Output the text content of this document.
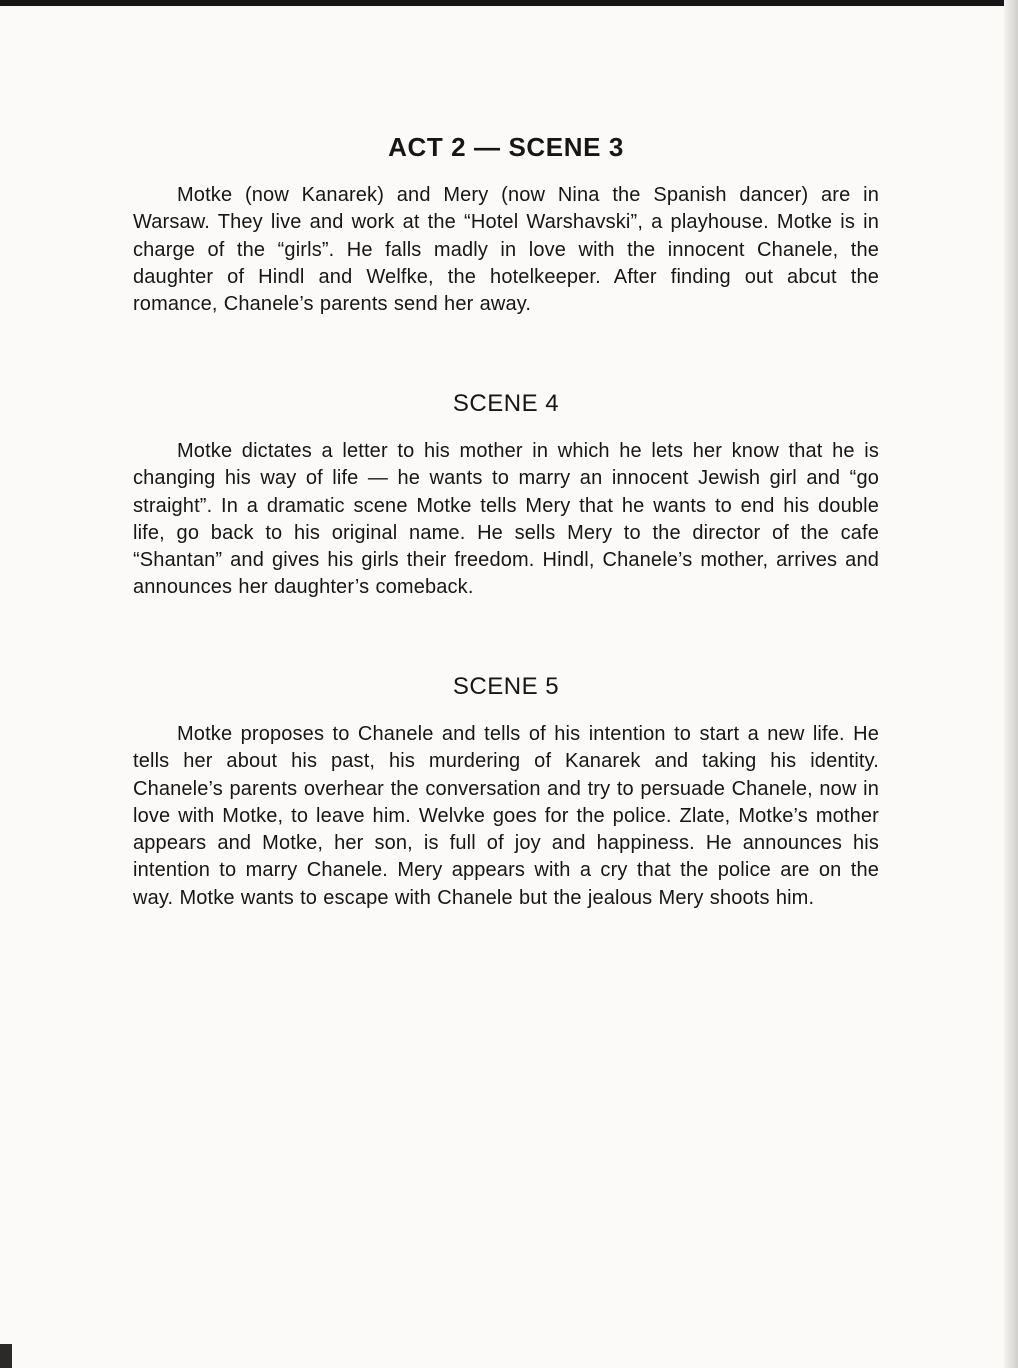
ACT 2 — SCENE 3

Motke (now Kanarek) and Mery (now Nina the Spanish dancer) are in Warsaw. They live and work at the “Hotel Warshavski”, a playhouse. Motke is in charge of the “girls”. He falls madly in love with the innocent Chanele, the daughter of Hindl and Welfke, the hotelkeeper. After finding out abcut the romance, Chanele’s parents send her away.

SCENE 4

Motke dictates a letter to his mother in which he lets her know that he is changing his way of life — he wants to marry an innocent Jewish girl and “go straight”. In a dramatic scene Motke tells Mery that he wants to end his double life, go back to his original name. He sells Mery to the director of the cafe “Shantan” and gives his girls their freedom. Hindl, Chanele’s mother, arrives and announces her daughter’s comeback.

SCENE 5

Motke proposes to Chanele and tells of his intention to start a new life. He tells her about his past, his murdering of Kanarek and taking his identity. Chanele’s parents overhear the conversation and try to persuade Chanele, now in love with Motke, to leave him. Welvke goes for the police. Zlate, Motke’s mother appears and Motke, her son, is full of joy and happiness. He announces his intention to marry Chanele. Mery appears with a cry that the police are on the way. Motke wants to escape with Chanele but the jealous Mery shoots him.
